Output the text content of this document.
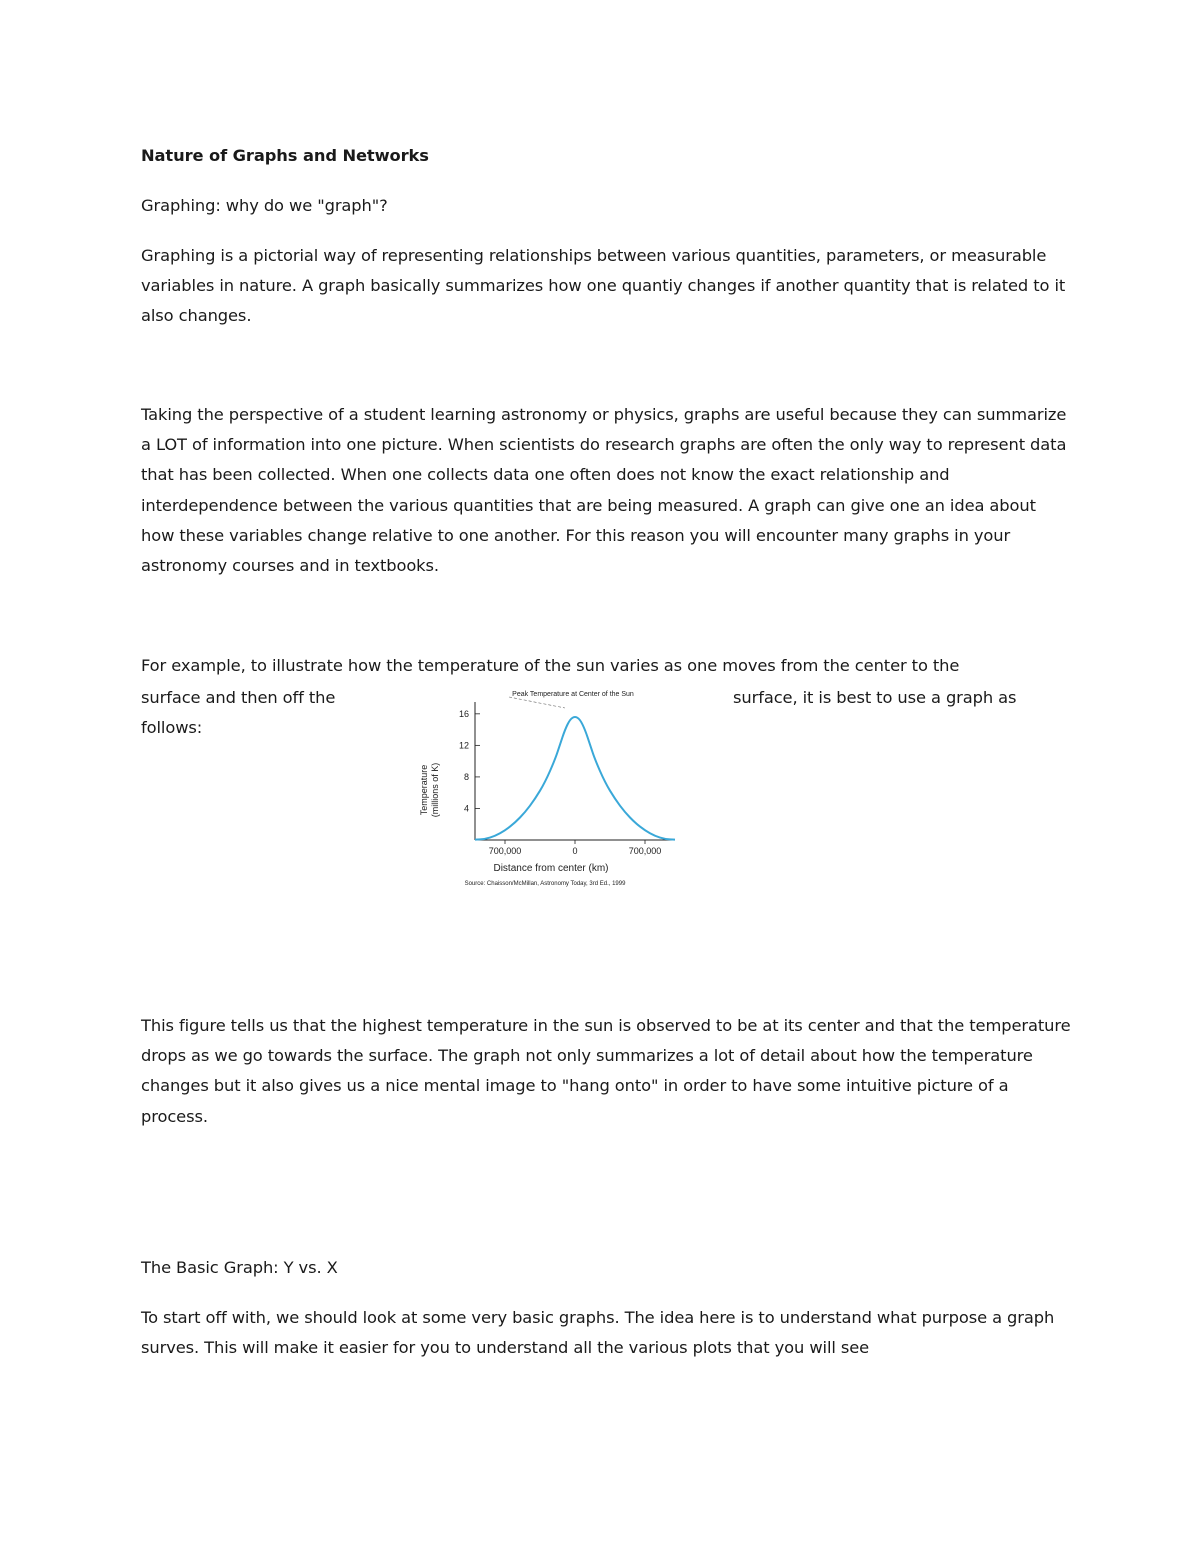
Nature of Graphs and Networks

Graphing: why do we "graph"?

Graphing is a pictorial way of representing relationships between various quantities, parameters, or measurable variables in nature. A graph basically summarizes how one quantiy changes if another quantity that is related to it also changes.

Taking the perspective of a student learning astronomy or physics, graphs are useful because they can summarize a LOT of information into one picture. When scientists do research graphs are often the only way to represent data that has been collected. When one collects data one often does not know the exact relationship and interdependence between the various quantities that are being measured. A graph can give one an idea about how these variables change relative to one another. For this reason you will encounter many graphs in your astronomy courses and in textbooks.

For example, to illustrate how the temperature of the sun varies as one moves from the center to the

surface and then off the	surface, it is best to use a graph as

follows:

Peak Temperature at Center of the Sun
4
8
12
16
700,000	0	700,000
Temperature (millions of K)
Distance from center (km)
Source: Chaisson/McMillan, Astronomy Today, 3rd Ed., 1999

This figure tells us that the highest temperature in the sun is observed to be at its center and that the temperature drops as we go towards the surface. The graph not only summarizes a lot of detail about how the temperature changes but it also gives us a nice mental image to "hang onto" in order to have some intuitive picture of a process.

The Basic Graph: Y vs. X

To start off with, we should look at some very basic graphs. The idea here is to understand what purpose a graph surves. This will make it easier for you to understand all the various plots that you will see
